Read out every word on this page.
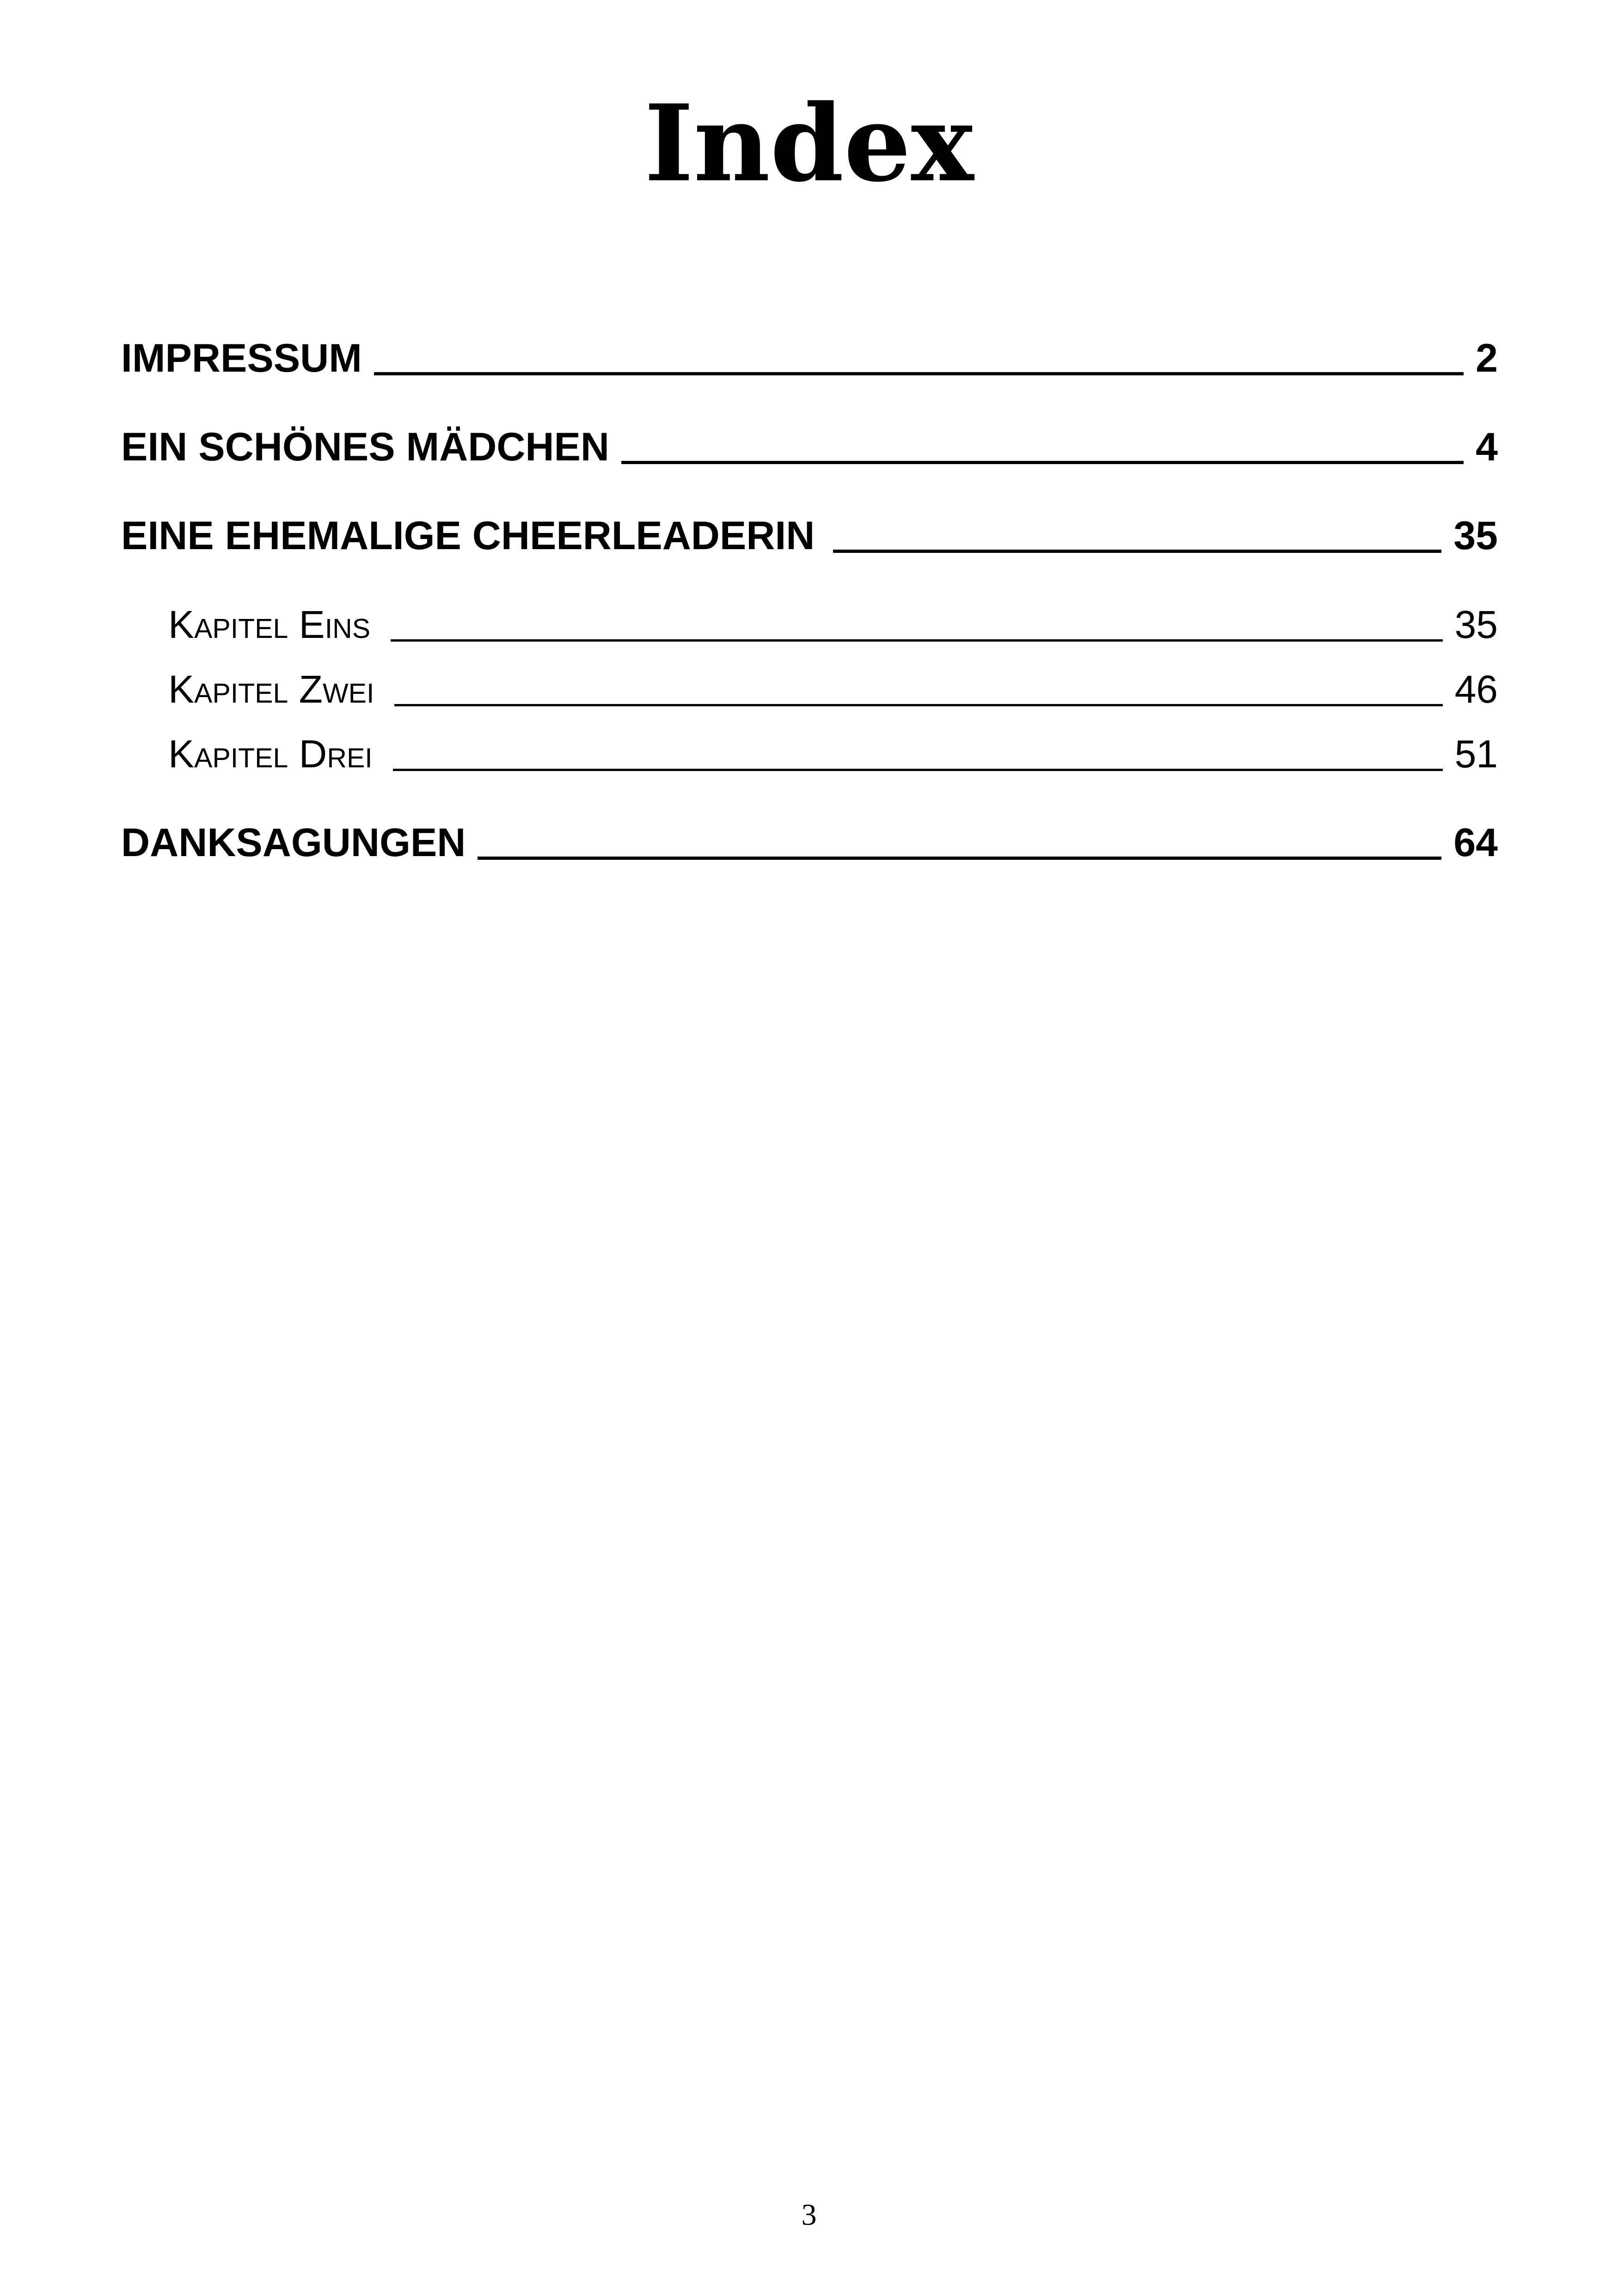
Index
IMPRESSUM	2
EIN SCHÖNES MÄDCHEN	4
EINE EHEMALIGE CHEERLEADERIN	35
Kapitel Eins	35
Kapitel Zwei	46
Kapitel Drei	51
DANKSAGUNGEN	64
3
